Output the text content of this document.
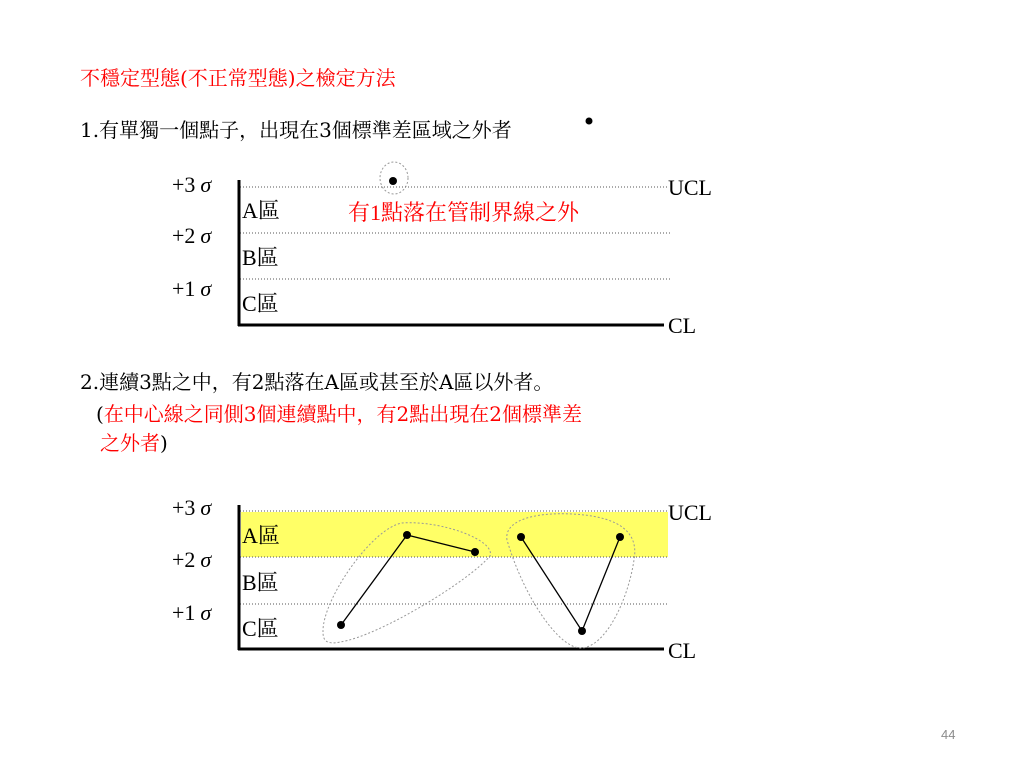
不穩定型態(不正常型態)之檢定方法
1.有單獨一個點子，出現在3個標準差區域之外者
2.連續3點之中，有2點落在A區或甚至於A區以外者。
(在中心線之同側3個連續點中，有2點出現在2個標準差
之外者)
+3 σ
+2 σ
+1 σ
A區
B區
C區
UCL
CL
有1點落在管制界線之外
+3 σ
+2 σ
+1 σ
A區
B區
C區
UCL
CL
44
